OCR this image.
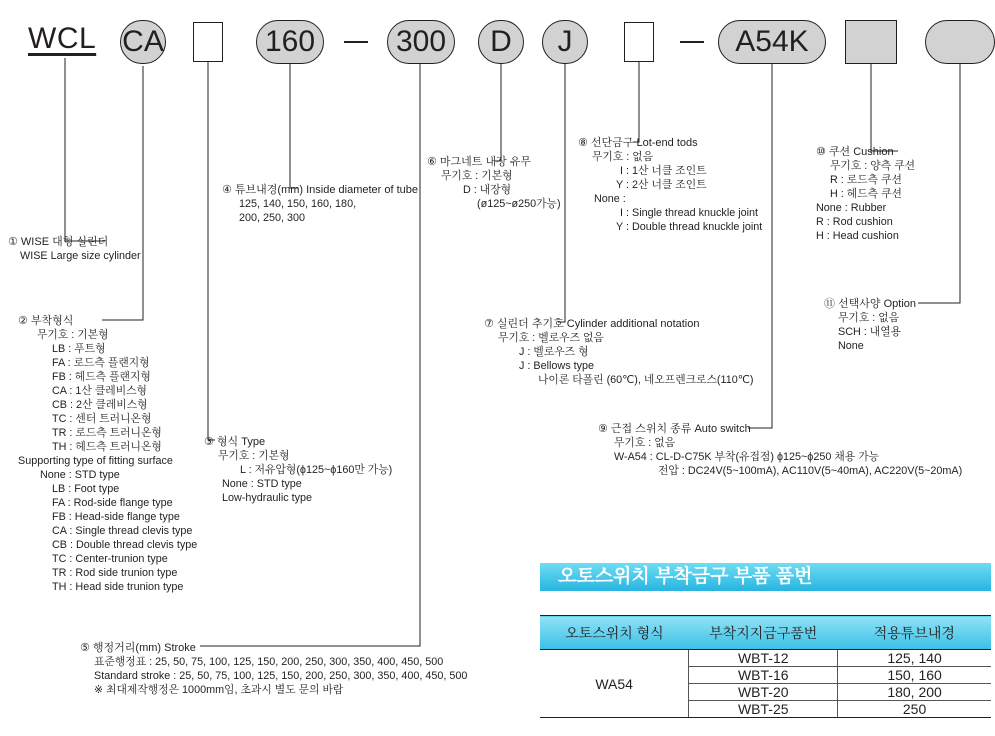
WCL CA	160	300	D	J	A54K
① WISE 대형 실린더
WISE Large size cylinder
② 부착형식
무기호 : 기본형
LB : 푸트형
FA : 로드측 플랜지형
FB : 헤드측 플랜지형
CA : 1산 클레비스형
CB : 2산 클레비스형
TC : 센터 트러니온형
TR : 로드측 트러니온형
TH : 헤드측 트러니온형
Supporting type of fitting surface
None : STD type
LB : Foot type
FA : Rod-side flange type
FB : Head-side flange type
CA : Single thread clevis type
CB : Double thread clevis type
TC : Center-trunion type
TR : Rod side trunion type
TH : Head side trunion type
③ 형식 Type
무기호 : 기본형
L : 저유압형(ϕ125~ϕ160만 가능)
None : STD type
Low-hydraulic type
④ 튜브내경(mm) Inside diameter of tube
125, 140, 150, 160, 180,
200, 250, 300
⑤ 행정거리(mm) Stroke
표준행정표 : 25, 50, 75, 100, 125, 150, 200, 250, 300, 350, 400, 450, 500
Standard stroke : 25, 50, 75, 100, 125, 150, 200, 250, 300, 350, 400, 450, 500
※ 최대제작행정은 1000mm임, 초과시 별도 문의 바람
⑥ 마그네트 내장 유무
무기호 : 기본형
D : 내장형
(ø125~ø250가능)
⑦ 실린더 추기호 Cylinder additional notation
무기호 : 벨로우즈 없음
J : 벨로우즈 형
J : Bellows type
나이론 타폴린 (60℃), 네오프렌크로스(110℃)
⑧ 선단금구 Lot-end tods
무기호 : 없음
I : 1산 너클 조인트
Y : 2산 너클 조인트
None :
I : Single thread knuckle joint
Y : Double thread knuckle joint
⑨ 근접 스위치 종류 Auto switch
무기호 : 없음
W-A54 : CL-D-C75K 부착(유접점) ϕ125~ϕ250 채용 가능
전압 : DC24V(5~100mA), AC110V(5~40mA), AC220V(5~20mA)
⑩ 쿠션 Cushion
무기호 : 양측 쿠션
R : 로드측 쿠션
H : 헤드측 쿠션
None : Rubber
R : Rod cushion
H : Head cushion
⑪ 선택사양 Option
무기호 : 없음
SCH : 내열용
None
오토스위치 부착금구 부품 품번
오토스위치 형식	부착지지금구품번	적용튜브내경
WA54	WBT-12	125, 140
	WBT-16	150, 160
	WBT-20	180, 200
	WBT-25	250
